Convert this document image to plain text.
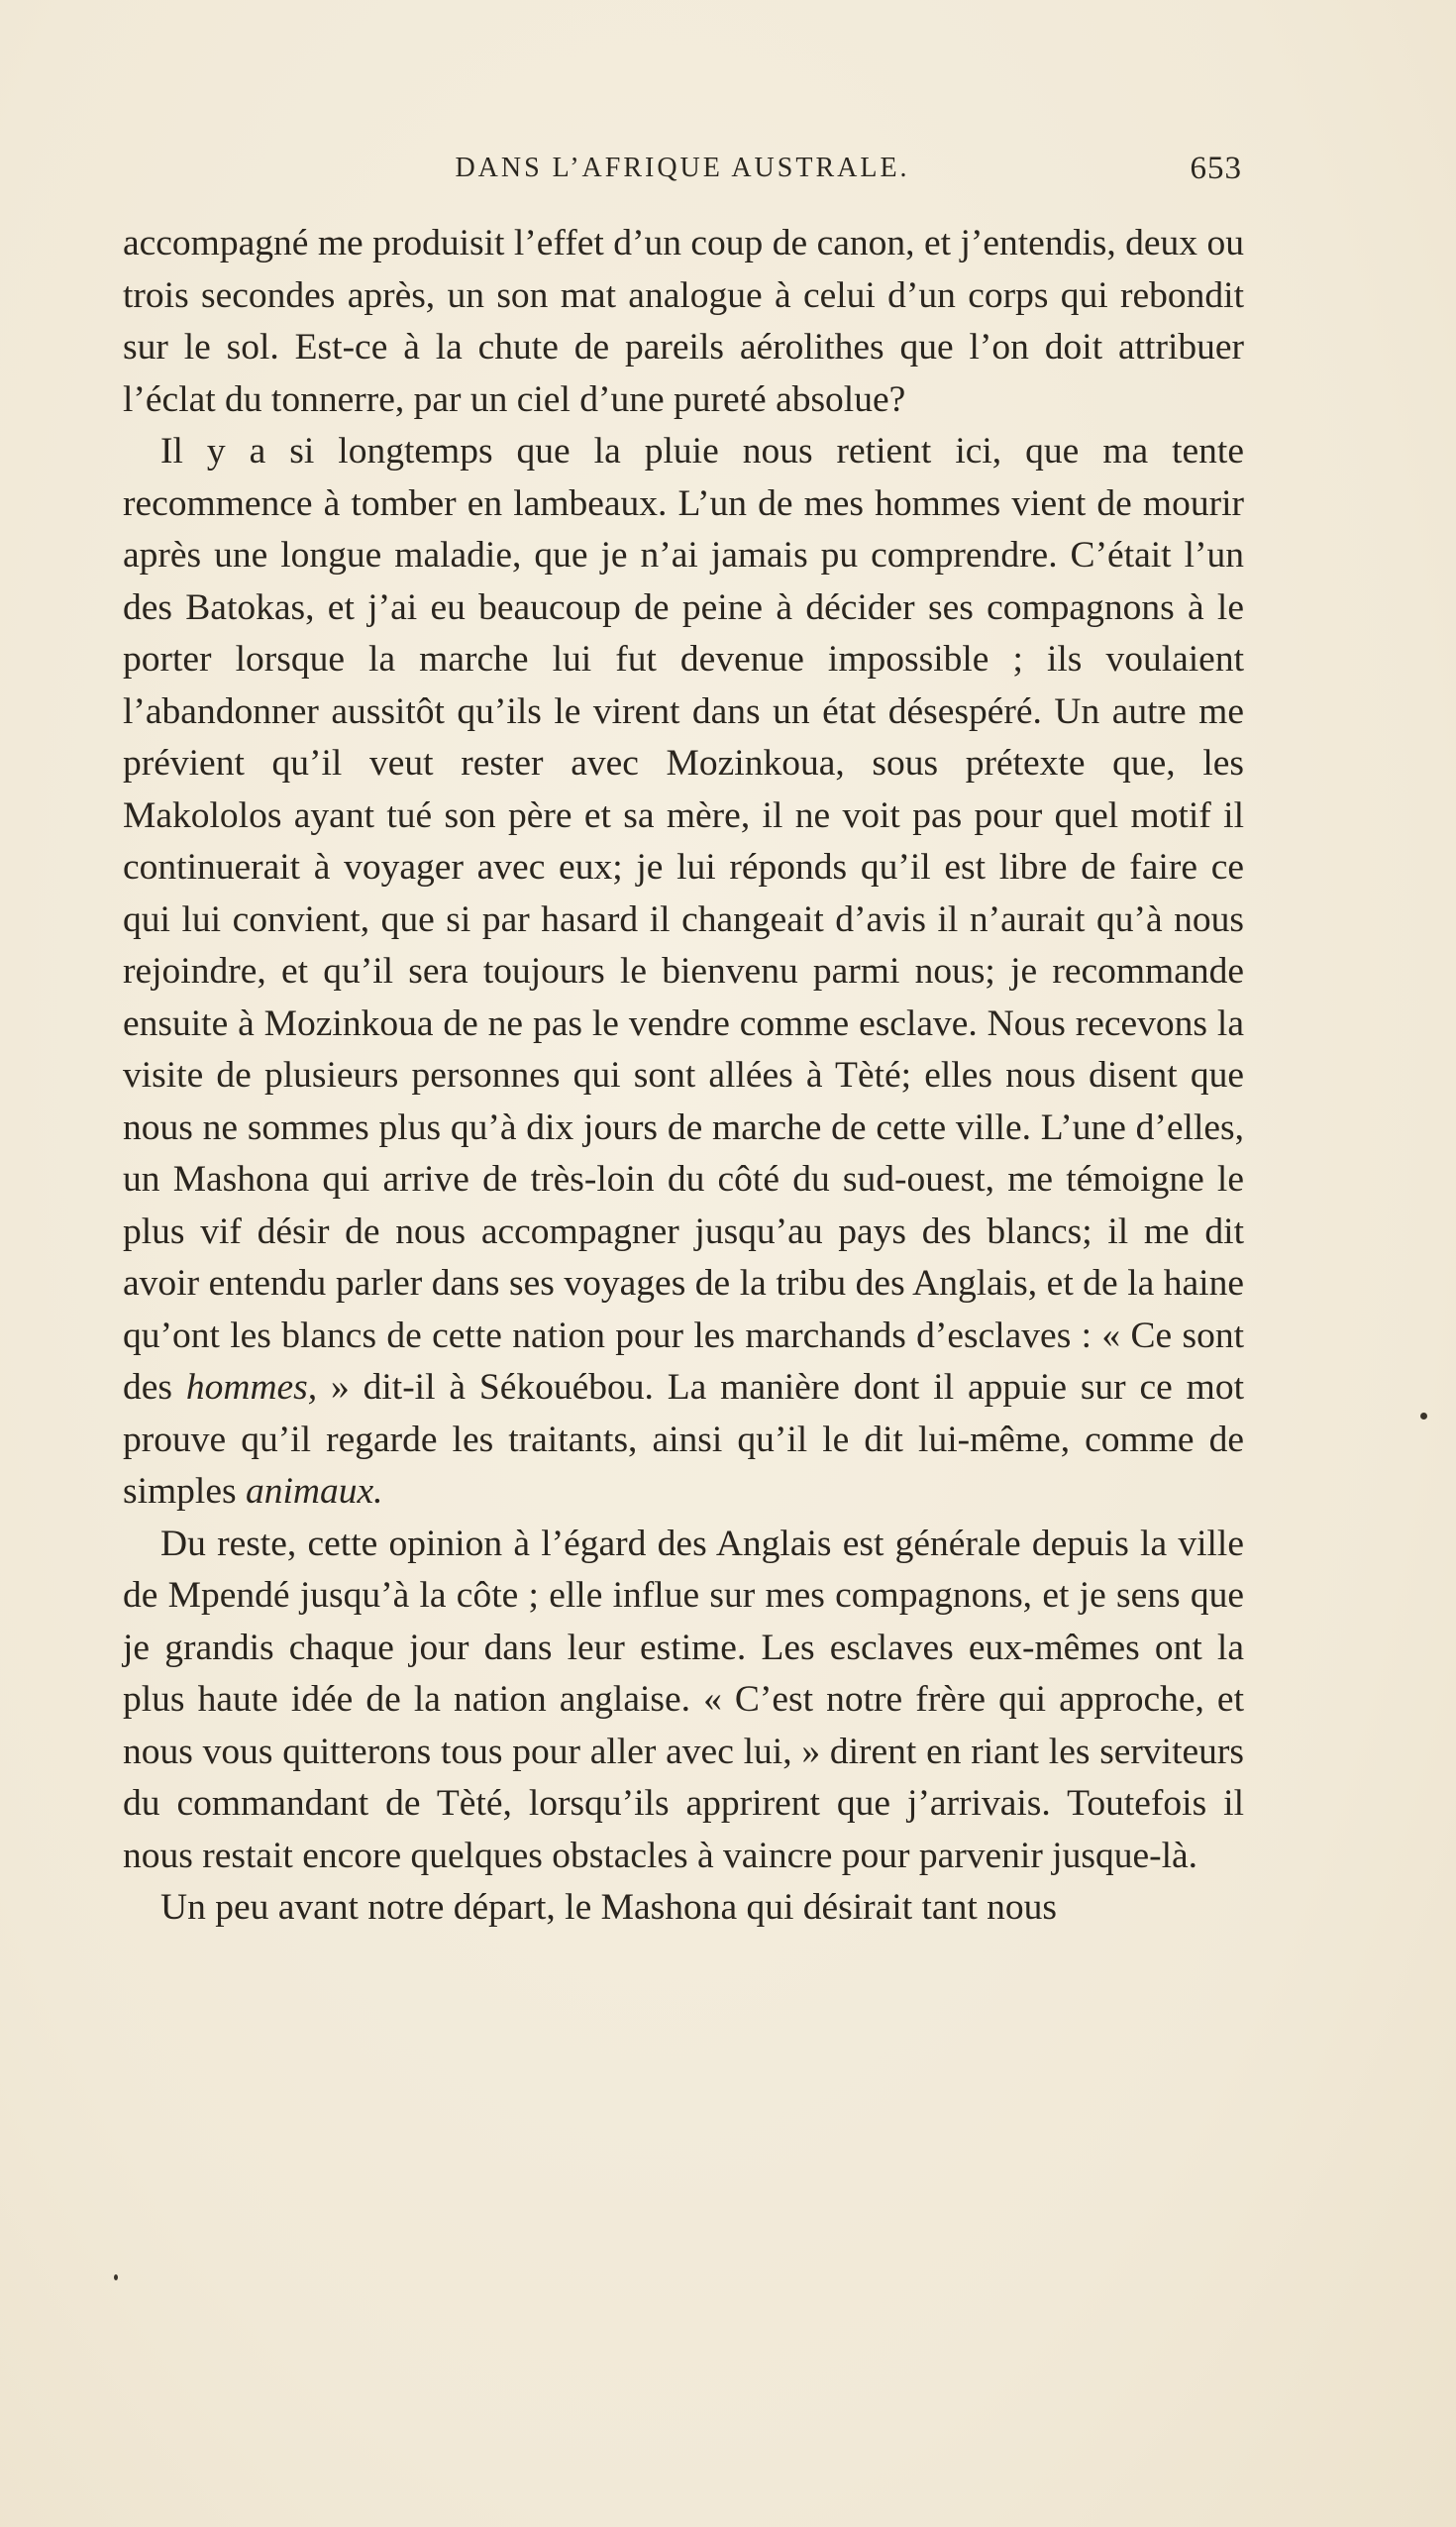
DANS L’AFRIQUE AUSTRALE.	653

accompagné me produisit l’effet d’un coup de canon, et j’entendis, deux ou trois secondes après, un son mat analogue à celui d’un corps qui rebondit sur le sol. Est-ce à la chute de pareils aérolithes que l’on doit attribuer l’éclat du tonnerre, par un ciel d’une pureté absolue?

Il y a si longtemps que la pluie nous retient ici, que ma tente recommence à tomber en lambeaux. L’un de mes hommes vient de mourir après une longue maladie, que je n’ai jamais pu comprendre. C’était l’un des Batokas, et j’ai eu beaucoup de peine à décider ses compagnons à le porter lorsque la marche lui fut devenue impossible ; ils voulaient l’abandonner aussitôt qu’ils le virent dans un état désespéré. Un autre me prévient qu’il veut rester avec Mozinkoua, sous prétexte que, les Makololos ayant tué son père et sa mère, il ne voit pas pour quel motif il continuerait à voyager avec eux; je lui réponds qu’il est libre de faire ce qui lui convient, que si par hasard il changeait d’avis il n’aurait qu’à nous rejoindre, et qu’il sera toujours le bienvenu parmi nous; je recommande ensuite à Mozinkoua de ne pas le vendre comme esclave. Nous recevons la visite de plusieurs personnes qui sont allées à Tèté; elles nous disent que nous ne sommes plus qu’à dix jours de marche de cette ville. L’une d’elles, un Mashona qui arrive de très-loin du côté du sud-ouest, me témoigne le plus vif désir de nous accompagner jusqu’au pays des blancs; il me dit avoir entendu parler dans ses voyages de la tribu des Anglais, et de la haine qu’ont les blancs de cette nation pour les marchands d’esclaves : « Ce sont des hommes, » dit-il à Sékouébou. La manière dont il appuie sur ce mot prouve qu’il regarde les traitants, ainsi qu’il le dit lui-même, comme de simples animaux.

Du reste, cette opinion à l’égard des Anglais est générale depuis la ville de Mpendé jusqu’à la côte ; elle influe sur mes compagnons, et je sens que je grandis chaque jour dans leur estime. Les esclaves eux-mêmes ont la plus haute idée de la nation anglaise. « C’est notre frère qui approche, et nous vous quitterons tous pour aller avec lui, » dirent en riant les serviteurs du commandant de Tèté, lorsqu’ils apprirent que j’arrivais. Toutefois il nous restait encore quelques obstacles à vaincre pour parvenir jusque-là.

Un peu avant notre départ, le Mashona qui désirait tant nous
